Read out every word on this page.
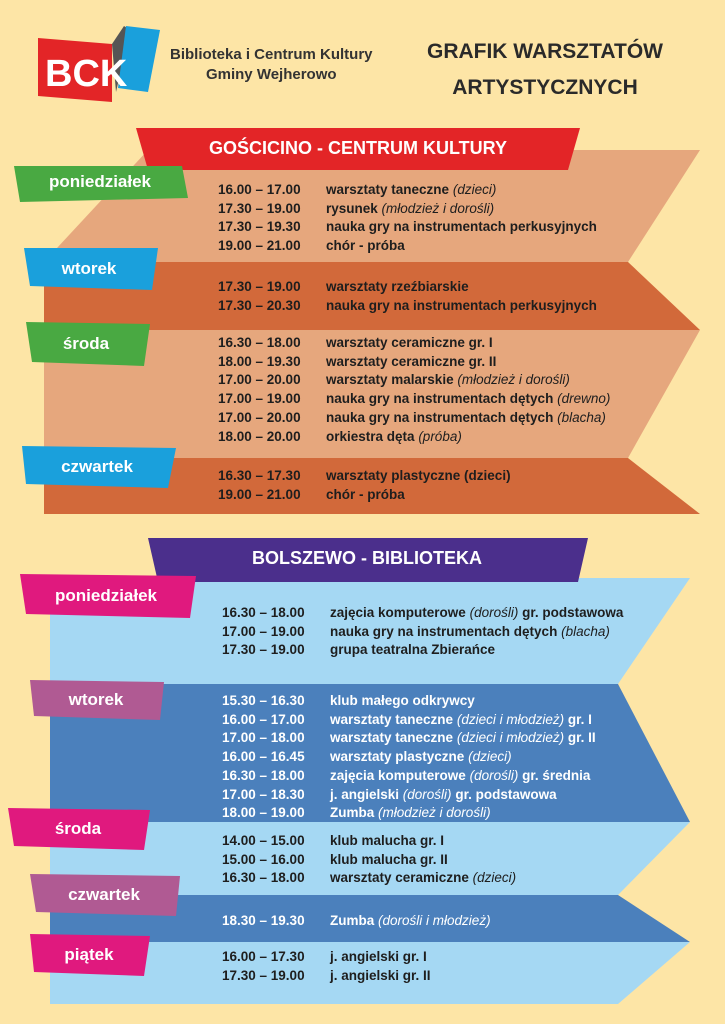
BCK	Biblioteka i Centrum Kultury
Gminy Wejherowo
GRAFIK WARSZTATÓW
ARTYSTYCZNYCH
GOŚCICINO - CENTRUM KULTURY
BOLSZEWO - BIBLIOTEKA
poniedziałek
wtorek
środa
czwartek
poniedziałek
wtorek
środa
czwartek
piątek
16.00 – 17.00 warsztaty taneczne (dzieci)
17.30 – 19.00 rysunek (młodzież i dorośli)
17.30 – 19.30 nauka gry na instrumentach perkusyjnych
19.00 – 21.00 chór - próba
17.30 – 19.00 warsztaty rzeźbiarskie
17.30 – 20.30 nauka gry na instrumentach perkusyjnych
16.30 – 18.00 warsztaty ceramiczne gr. I
18.00 – 19.30 warsztaty ceramiczne gr. II
17.00 – 20.00 warsztaty malarskie (młodzież i dorośli)
17.00 – 19.00 nauka gry na instrumentach dętych (drewno)
17.00 – 20.00 nauka gry na instrumentach dętych (blacha)
18.00 – 20.00 orkiestra dęta (próba)
16.30 – 17.30 warsztaty plastyczne (dzieci)
19.00 – 21.00 chór - próba
16.30 – 18.00 zajęcia komputerowe (dorośli) gr. podstawowa
17.00 – 19.00 nauka gry na instrumentach dętych (blacha)
17.30 – 19.00 grupa teatralna Zbierańce
15.30 – 16.30 klub małego odkrywcy
16.00 – 17.00 warsztaty taneczne (dzieci i młodzież) gr. I
17.00 – 18.00 warsztaty taneczne (dzieci i młodzież) gr. II
16.00 – 16.45 warsztaty plastyczne (dzieci)
16.30 – 18.00 zajęcia komputerowe (dorośli) gr. średnia
17.00 – 18.30 j. angielski (dorośli) gr. podstawowa
18.00 – 19.00 Zumba (młodzież i dorośli)
14.00 – 15.00 klub malucha gr. I
15.00 – 16.00 klub malucha gr. II
16.30 – 18.00 warsztaty ceramiczne (dzieci)
18.30 – 19.30 Zumba (dorośli i młodzież)
16.00 – 17.30 j. angielski gr. I
17.30 – 19.00 j. angielski gr. II
